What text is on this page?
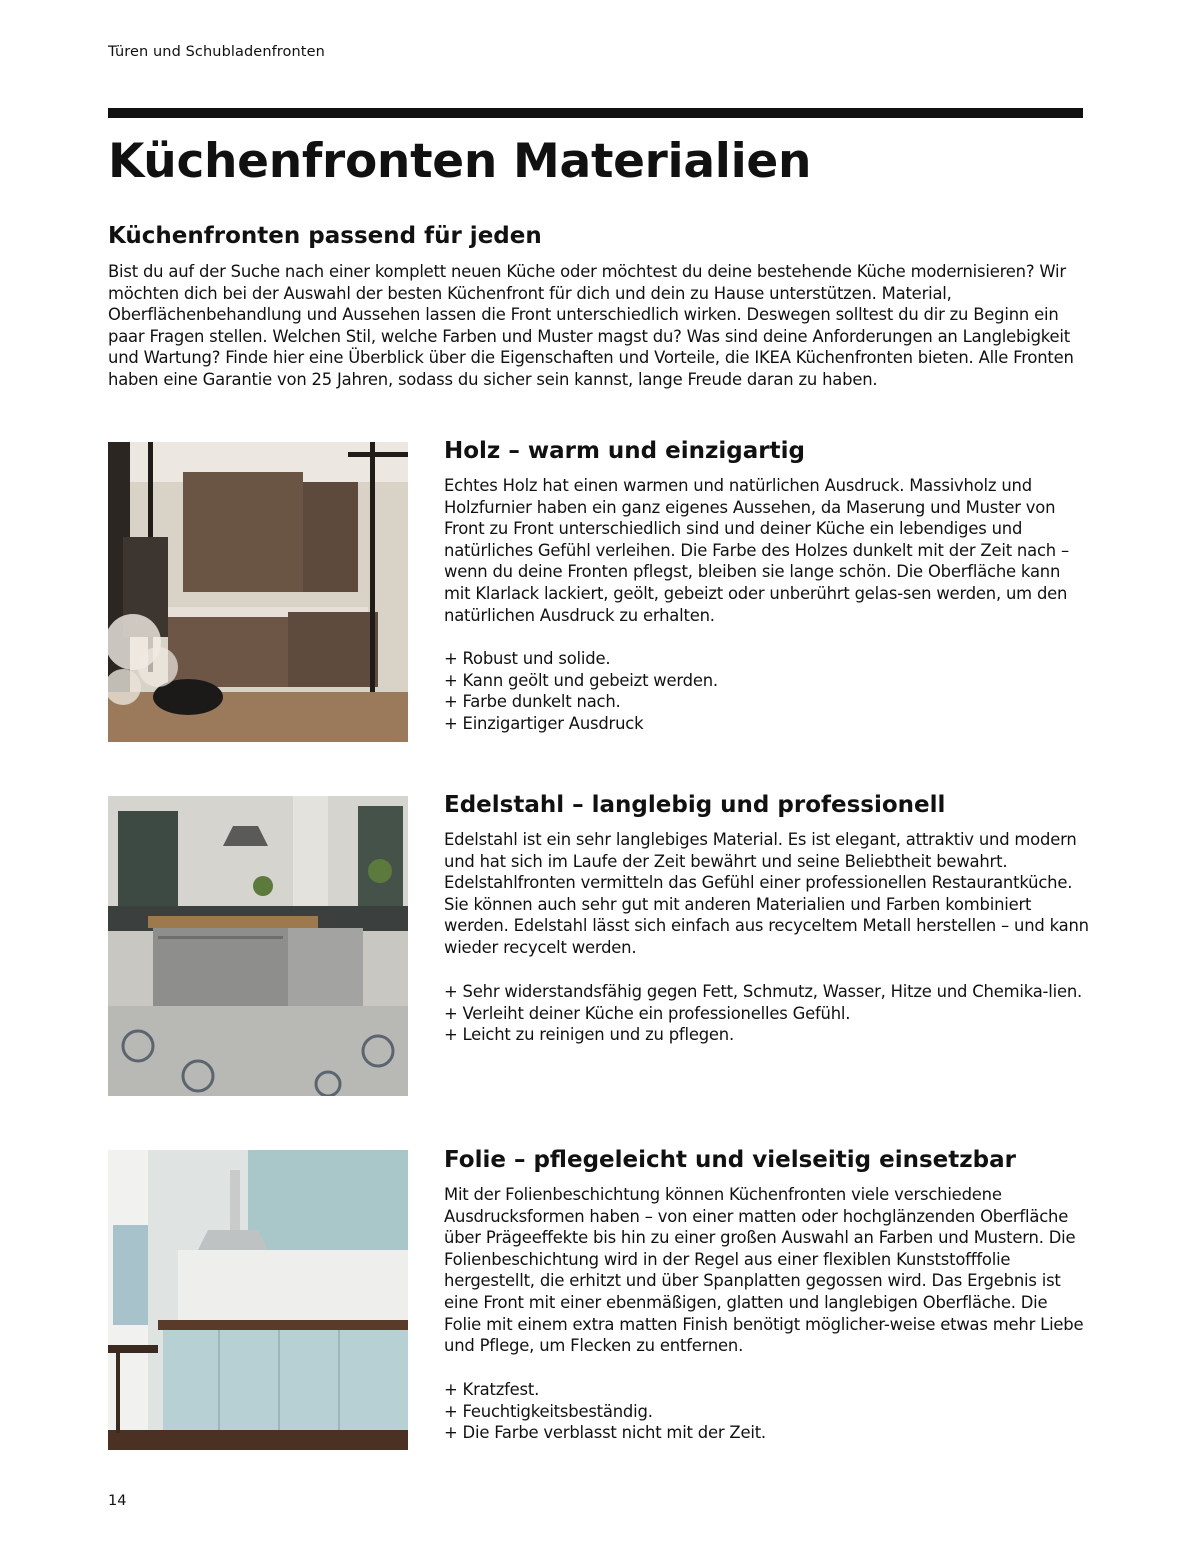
Türen und Schubladenfronten
Küchenfronten Materialien
Küchenfronten passend für jeden

Bist du auf der Suche nach einer komplett neuen Küche oder möchtest du deine bestehende Küche modernisieren? Wir möchten dich bei der Auswahl der besten Küchenfront für dich und dein zu Hause unterstützen. Material, Oberflächenbehandlung und Aussehen lassen die Front unterschiedlich wirken. Deswegen solltest du dir zu Beginn ein paar Fragen stellen. Welchen Stil, welche Farben und Muster magst du? Was sind deine Anforderungen an Langlebigkeit und Wartung? Finde hier eine Überblick über die Eigenschaften und Vorteile, die IKEA Küchenfronten bieten. Alle Fronten haben eine Garantie von 25 Jahren, sodass du sicher sein kannst, lange Freude daran zu haben.

Holz – warm und einzigartig

Echtes Holz hat einen warmen und natürlichen Ausdruck. Massivholz und Holzfurnier haben ein ganz eigenes Aussehen, da Maserung und Muster von Front zu Front unterschiedlich sind und deiner Küche ein lebendiges und natürliches Gefühl verleihen. Die Farbe des Holzes dunkelt mit der Zeit nach – wenn du deine Fronten pflegst, bleiben sie lange schön. Die Oberfläche kann mit Klarlack lackiert, geölt, gebeizt oder unberührt gelas-sen werden, um den natürlichen Ausdruck zu erhalten.

+ Robust und solide.
+ Kann geölt und gebeizt werden.
+ Farbe dunkelt nach.
+ Einzigartiger Ausdruck
Edelstahl – langlebig und professionell

Edelstahl ist ein sehr langlebiges Material. Es ist elegant, attraktiv und modern und hat sich im Laufe der Zeit bewährt und seine Beliebtheit bewahrt. Edelstahlfronten vermitteln das Gefühl einer professionellen Restaurantküche. Sie können auch sehr gut mit anderen Materialien und Farben kombiniert werden. Edelstahl lässt sich einfach aus recyceltem Metall herstellen – und kann wieder recycelt werden.

+ Sehr widerstandsfähig gegen Fett, Schmutz, Wasser, Hitze und Chemika-lien.
+ Verleiht deiner Küche ein professionelles Gefühl.
+ Leicht zu reinigen und zu pflegen.
Folie – pflegeleicht und vielseitig einsetzbar

Mit der Folienbeschichtung können Küchenfronten viele verschiedene Ausdrucksformen haben – von einer matten oder hochglänzenden Oberfläche über Prägeeffekte bis hin zu einer großen Auswahl an Farben und Mustern. Die Folienbeschichtung wird in der Regel aus einer flexiblen Kunststofffolie hergestellt, die erhitzt und über Spanplatten gegossen wird. Das Ergebnis ist eine Front mit einer ebenmäßigen, glatten und langlebigen Oberfläche. Die Folie mit einem extra matten Finish benötigt möglicher-weise etwas mehr Liebe und Pflege, um Flecken zu entfernen.

+ Kratzfest.
+ Feuchtigkeitsbeständig.
+ Die Farbe verblasst nicht mit der Zeit.
14
